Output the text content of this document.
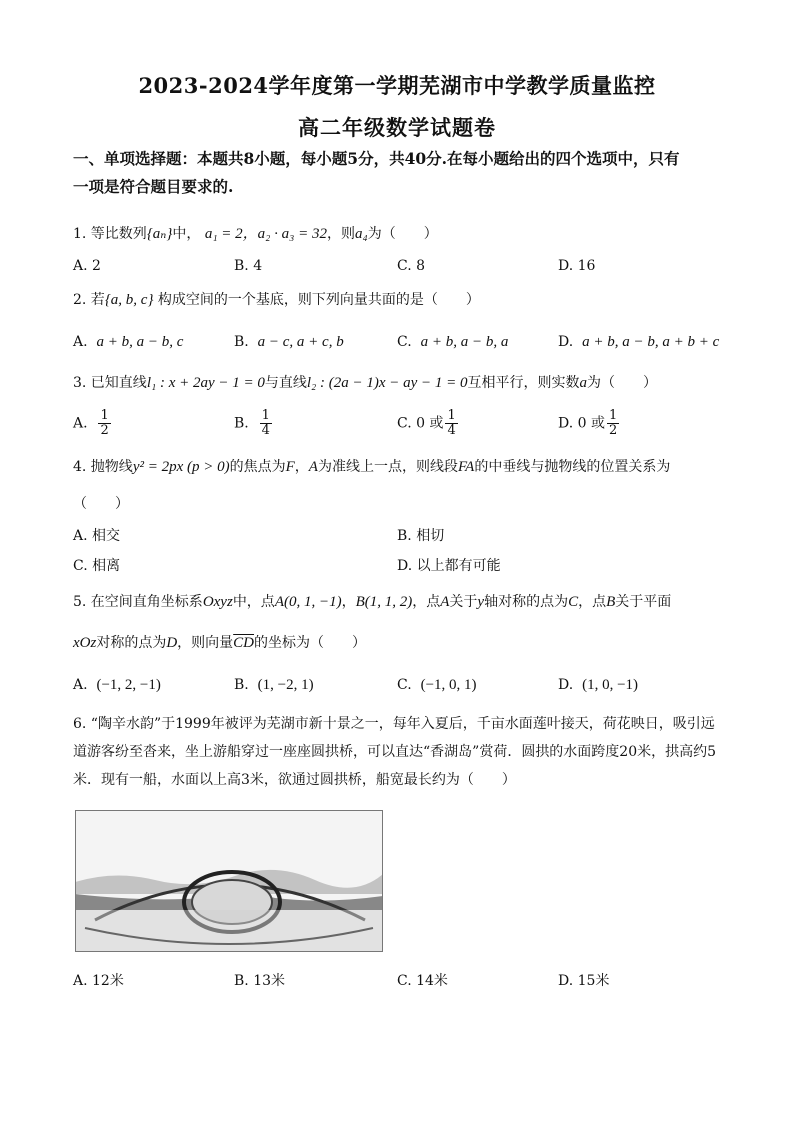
2023-2024学年度第一学期芜湖市中学教学质量监控
高二年级数学试题卷
一、单项选择题：本题共8小题，每小题5分，共40分.在每小题给出的四个选项中，只有
一项是符合题目要求的.
1. 等比数列{aₙ}中， a₁ = 2，a₂ · a₃ = 32，则a₄为（　　）
A. 2	B. 4	C. 8	D. 16
2. 若{a, b, c} 构成空间的一个基底，则下列向量共面的是（　　）
A. a + b, a − b, c	B. a − c, a + c, b	C. a + b, a − b, a	D. a + b, a − b, a + b + c
3. 已知直线l₁ : x + 2ay − 1 = 0与直线l₂ : (2a − 1)x − ay − 1 = 0互相平行，则实数a为（　　）
A. $\frac{1}{2}$	B. $\frac{1}{4}$	C. 0 或 $\frac{1}{4}$	D. 0 或 $\frac{1}{2}$
4. 抛物线y² = 2px (p > 0)的焦点为F，A为准线上一点，则线段FA的中垂线与抛物线的位置关系为
（　　）
A. 相交	B. 相切
C. 相离	D. 以上都有可能
5. 在空间直角坐标系Oxyz中，点A(0, 1, −1)，B(1, 1, 2)，点A关于y轴对称的点为C，点B关于平面
xOz对称的点为D，则向量$\overline{CD}$的坐标为（　　）
A. (−1, 2, −1)	B. (1, −2, 1)	C. (−1, 0, 1)	D. (1, 0, −1)
6. “陶辛水韵”于1999年被评为芜湖市新十景之一，每年入夏后，千亩水面莲叶接天，荷花映日，吸引远道游客纷至沓来，坐上游船穿过一座座圆拱桥，可以直达“香湖岛”赏荷．圆拱的水面跨度20米，拱高约5米．现有一船，水面以上高3米，欲通过圆拱桥，船宽最长约为（　　）
A. 12米	B. 13米	C. 14米	D. 15米
